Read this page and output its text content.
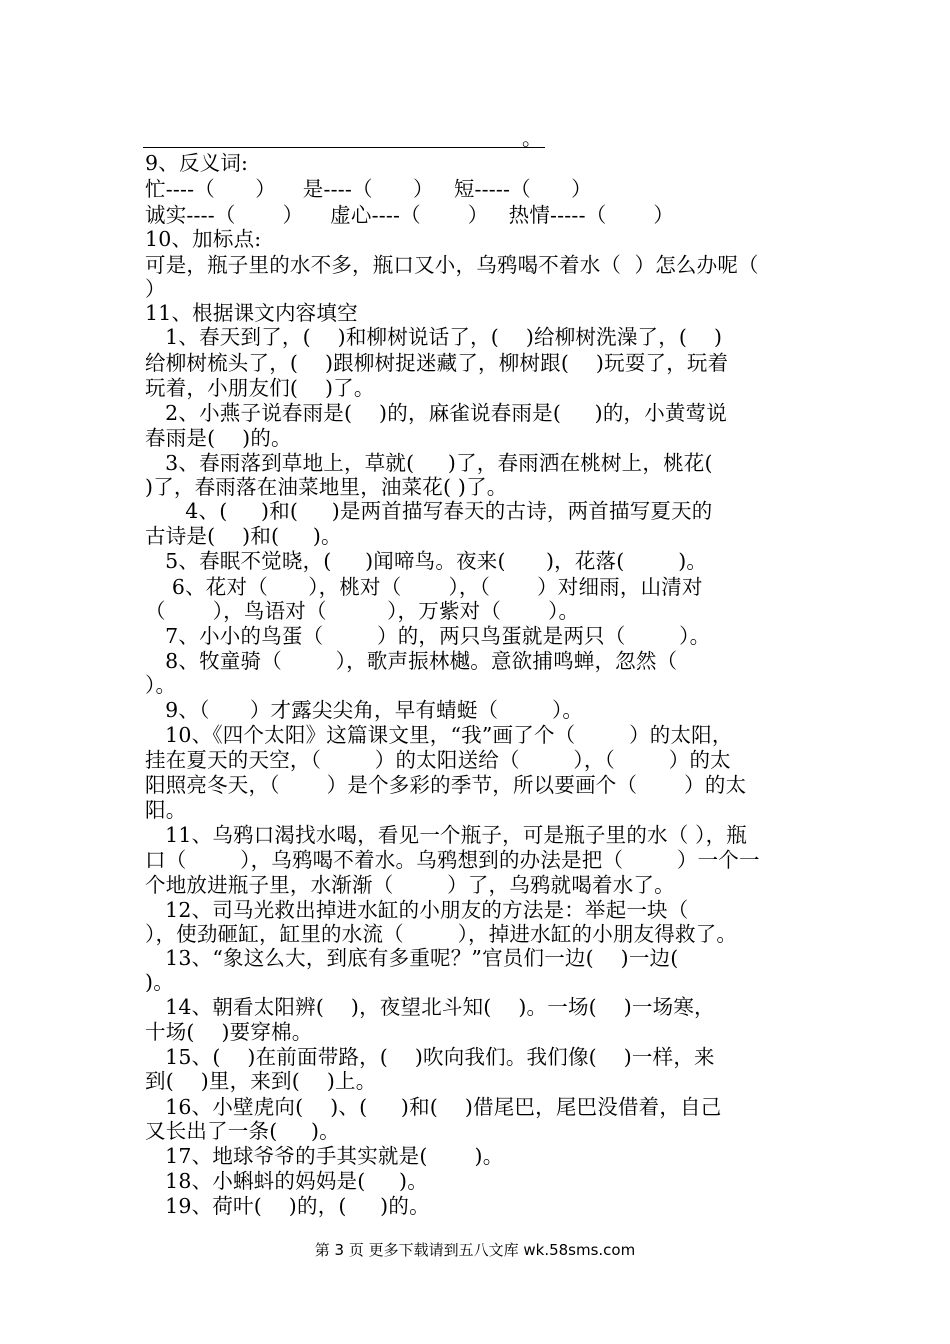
。
9、反义词:
忙----（      ）    是----（      ）   短-----（      ）
诚实----（       ）    虚心----（       ）   热情-----（       ）
10、加标点:
可是，瓶子里的水不多，瓶口又小，乌鸦喝不着水（  ）怎么办呢（
）
11、根据课文内容填空
1、春天到了，(    )和柳树说话了，(    )给柳树洗澡了，(    )
给柳树梳头了，(    )跟柳树捉迷藏了，柳树跟(    )玩耍了，玩着
玩着，小朋友们(    )了。
2、小燕子说春雨是(    )的，麻雀说春雨是(     )的，小黄莺说
春雨是(    )的。
3、春雨落到草地上，草就(     )了，春雨洒在桃树上，桃花(
)了，春雨落在油菜地里，油菜花( )了。
4、(     )和(     )是两首描写春天的古诗，两首描写夏天的
古诗是(    )和(     )。
5、春眠不觉晓，(     )闻啼鸟。夜来(      )，花落(        )。
6、花对（      ），桃对（       ），（       ）对细雨，山清对
（       ），鸟语对（         ），万紫对（       ）。
7、小小的鸟蛋（        ）的，两只鸟蛋就是两只（        ）。
8、牧童骑（        ），歌声振林樾。意欲捕鸣蝉，忽然（
）。
9、（      ）才露尖尖角，早有蜻蜓（        ）。
10、《四个太阳》这篇课文里，“我”画了个（        ）的太阳，
挂在夏天的天空，（        ）的太阳送给（        ），（        ）的太
阳照亮冬天，（       ）是个多彩的季节，所以要画个（       ）的太
阳。
11、乌鸦口渴找水喝，看见一个瓶子，可是瓶子里的水（ ），瓶
口（        ），乌鸦喝不着水。乌鸦想到的办法是把（        ）一个一
个地放进瓶子里，水渐渐（        ）了，乌鸦就喝着水了。
12、司马光救出掉进水缸的小朋友的方法是：举起一块（
），使劲砸缸，缸里的水流（        ），掉进水缸的小朋友得救了。
13、“象这么大，到底有多重呢？”官员们一边(    )一边(
)。
14、朝看太阳辨(    )，夜望北斗知(    )。一场(    )一场寒，
十场(    )要穿棉。
15、(    )在前面带路，(    )吹向我们。我们像(    )一样，来
到(    )里，来到(    )上。
16、小壁虎向(    )、(     )和(    )借尾巴，尾巴没借着，自己
又长出了一条(     )。
17、地球爷爷的手其实就是(       )。
18、小蝌蚪的妈妈是(     )。
19、荷叶(    )的，(     )的。
第 3 页 更多下载请到五八文库 wk.58sms.com
